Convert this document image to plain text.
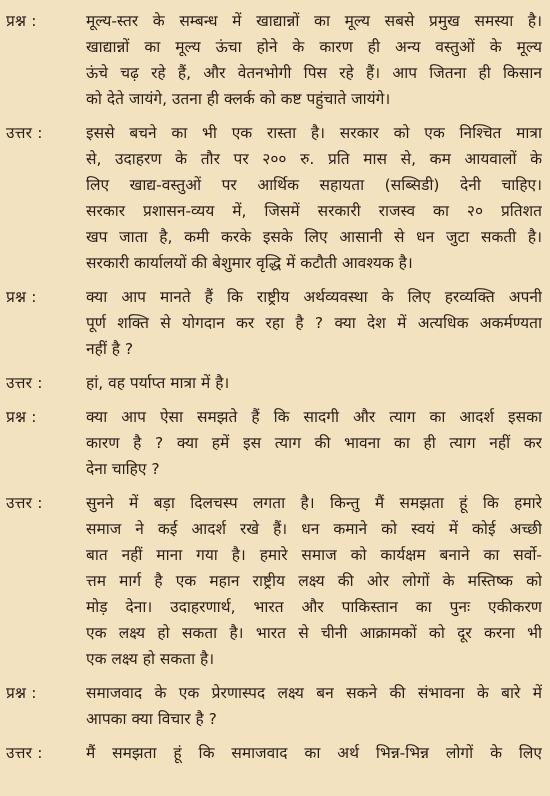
प्रश्न :	मूल्य-स्तर के सम्बन्ध में खाद्यान्नों का मूल्य सबसे प्रमुख समस्या है।
खाद्यान्नों का मूल्य ऊंचा होने के कारण ही अन्य वस्तुओं के मूल्य
ऊंचे चढ़ रहे हैं, और वेतनभोगी पिस रहे हैं। आप जितना ही किसान
को देते जायंगे, उतना ही क्लर्क को कष्ट पहुंचाते जायंगे।
उत्तर :	इससे बचने का भी एक रास्ता है। सरकार को एक निश्चित मात्रा
से, उदाहरण के तौर पर २०० रु. प्रति मास से, कम आयवालों के
लिए खाद्य-वस्तुओं पर आर्थिक सहायता (सब्सिडी) देनी चाहिए।
सरकार प्रशासन-व्यय में, जिसमें सरकारी राजस्व का २० प्रतिशत
खप जाता है, कमी करके इसके लिए आसानी से धन जुटा सकती है।
सरकारी कार्यालयों की बेशुमार वृद्धि में कटौती आवश्यक है।
प्रश्न :	क्या आप मानते हैं कि राष्ट्रीय अर्थव्यवस्था के लिए हरव्यक्ति अपनी
पूर्ण शक्ति से योगदान कर रहा है ? क्या देश में अत्यधिक अकर्मण्यता
नहीं है ?
उत्तर :	हां, वह पर्याप्त मात्रा में है।
प्रश्न :	क्या आप ऐसा समझते हैं कि सादगी और त्याग का आदर्श इसका
कारण है ? क्या हमें इस त्याग की भावना का ही त्याग नहीं कर
देना चाहिए ?
उत्तर :	सुनने में बड़ा दिलचस्प लगता है। किन्तु मैं समझता हूं कि हमारे
समाज ने कई आदर्श रखे हैं। धन कमाने को स्वयं में कोई अच्छी
बात नहीं माना गया है। हमारे समाज को कार्यक्षम बनाने का सर्वो-
त्तम मार्ग है एक महान राष्ट्रीय लक्ष्य की ओर लोगों के मस्तिष्क को
मोड़ देना। उदाहरणार्थ, भारत और पाकिस्तान का पुनः एकीकरण
एक लक्ष्य हो सकता है। भारत से चीनी आक्रामकों को दूर करना भी
एक लक्ष्य हो सकता है।
प्रश्न :	समाजवाद के एक प्रेरणास्पद लक्ष्य बन सकने की संभावना के बारे में
आपका क्या विचार है ?
उत्तर :	मैं समझता हूं कि समाजवाद का अर्थ भिन्न-भिन्न लोगों के लिए
